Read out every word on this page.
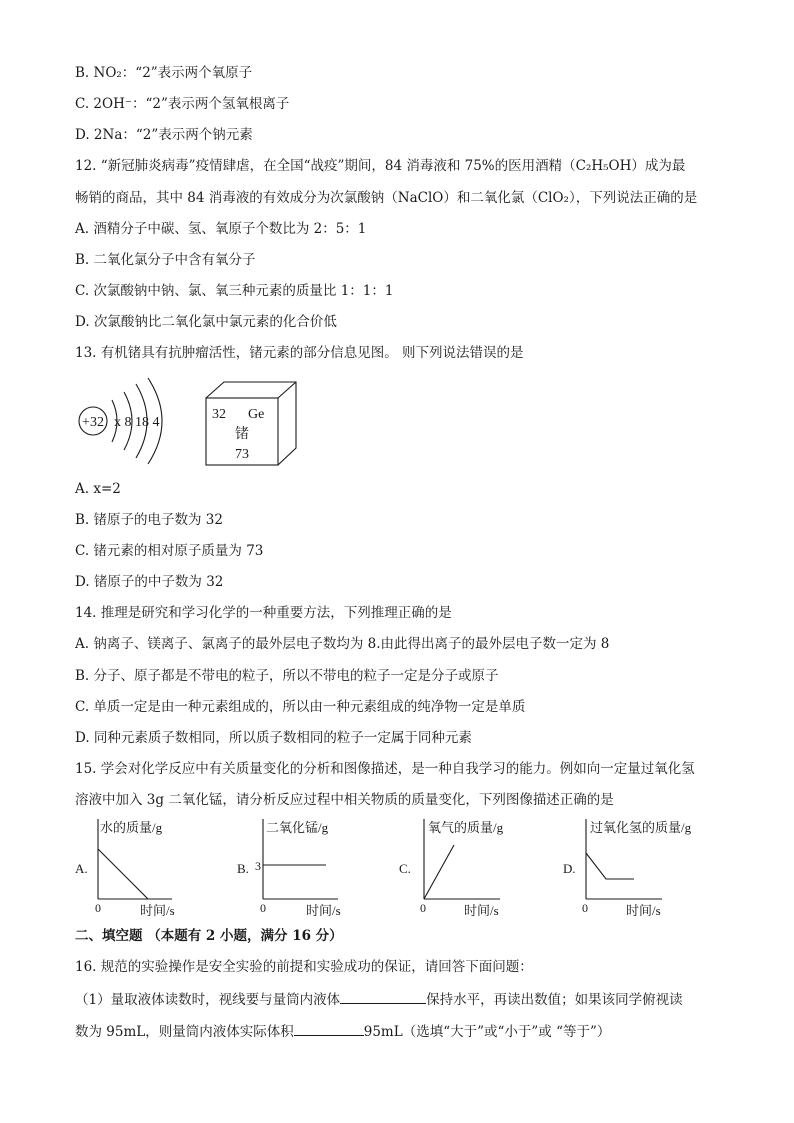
B. NO₂：“2”表示两个氧原子
C. 2OH⁻：“2”表示两个氢氧根离子
D. 2Na：“2”表示两个钠元素
12. “新冠肺炎病毒”疫情肆虐，在全国“战疫”期间，84 消毒液和 75%的医用酒精（C₂H₅OH）成为最
畅销的商品，其中 84 消毒液的有效成分为次氯酸钠（NaClO）和二氧化氯（ClO₂），下列说法正确的是
A. 酒精分子中碳、氢、氧原子个数比为 2：5：1
B. 二氧化氯分子中含有氧分子
C. 次氯酸钠中钠、氯、氧三种元素的质量比 1：1：1
D. 次氯酸钠比二氧化氯中氯元素的化合价低
13. 有机锗具有抗肿瘤活性，锗元素的部分信息见图。 则下列说法错误的是
+32 x 8 18 4
32 Ge
锗
73
A. x=2
B. 锗原子的电子数为 32
C. 锗元素的相对原子质量为 73
D. 锗原子的中子数为 32
14. 推理是研究和学习化学的一种重要方法，下列推理正确的是
A. 钠离子、镁离子、氯离子的最外层电子数均为 8.由此得出离子的最外层电子数一定为 8
B. 分子、原子都是不带电的粒子，所以不带电的粒子一定是分子或原子
C. 单质一定是由一种元素组成的，所以由一种元素组成的纯净物一定是单质
D. 同种元素质子数相同，所以质子数相同的粒子一定属于同种元素
15. 学会对化学反应中有关质量变化的分析和图像描述，是一种自我学习的能力。例如向一定量过氧化氢
溶液中加入 3g 二氧化锰，请分析反应过程中相关物质的质量变化，下列图像描述正确的是
A.
水的质量/g
0	时间/s
B.
二氧化锰/g
3
0	时间/s
C.
氧气的质量/g
0	时间/s
D.
过氧化氢的质量/g
0	时间/s
二、填空题 （本题有 2 小题，满分 16 分）
16. 规范的实验操作是安全实验的前提和实验成功的保证，请回答下面问题：
（1）量取液体读数时，视线要与量筒内液体	保持水平，再读出数值；如果该同学俯视读
数为 95mL，则量筒内液体实际体积	95mL（选填“大于”或“小于”或 “等于”）
